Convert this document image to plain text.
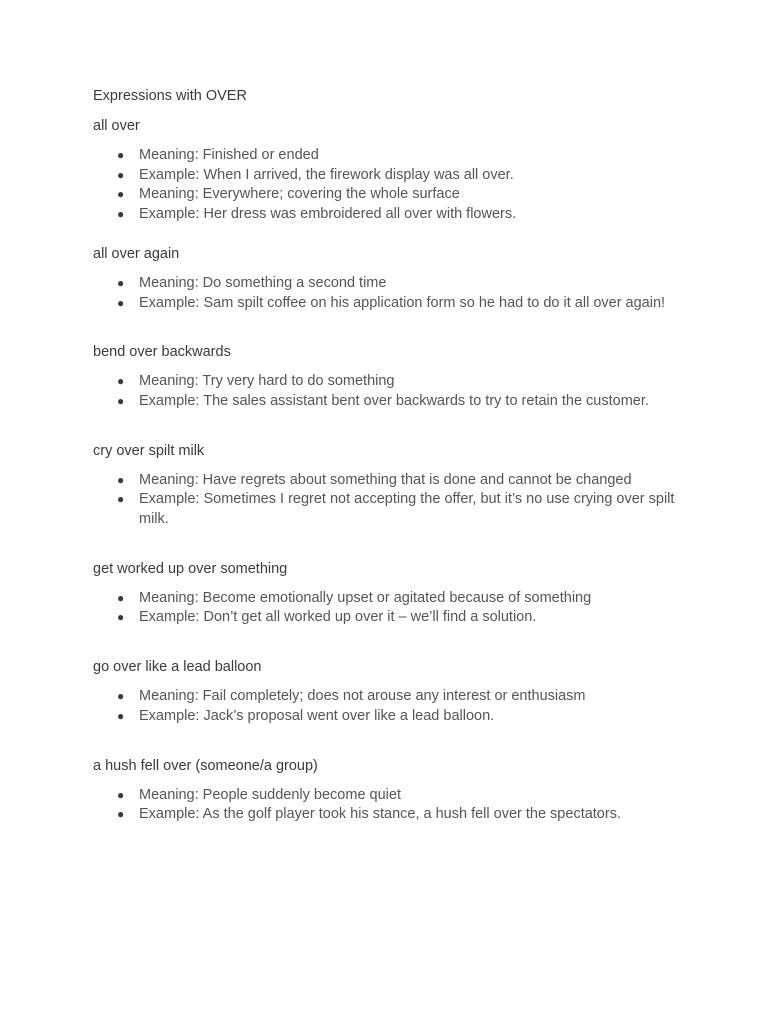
Expressions with OVER

all over

● Meaning: Finished or ended
● Example: When I arrived, the firework display was all over.
● Meaning: Everywhere; covering the whole surface
● Example: Her dress was embroidered all over with flowers.

all over again

● Meaning: Do something a second time
● Example: Sam spilt coffee on his application form so he had to do it all over again!

bend over backwards

● Meaning: Try very hard to do something
● Example: The sales assistant bent over backwards to try to retain the customer.

cry over spilt milk

● Meaning: Have regrets about something that is done and cannot be changed
● Example: Sometimes I regret not accepting the offer, but it’s no use crying over spilt milk.

get worked up over something

● Meaning: Become emotionally upset or agitated because of something
● Example: Don’t get all worked up over it – we’ll find a solution.

go over like a lead balloon

● Meaning: Fail completely; does not arouse any interest or enthusiasm
● Example: Jack’s proposal went over like a lead balloon.

a hush fell over (someone/a group)

● Meaning: People suddenly become quiet
● Example: As the golf player took his stance, a hush fell over the spectators.
